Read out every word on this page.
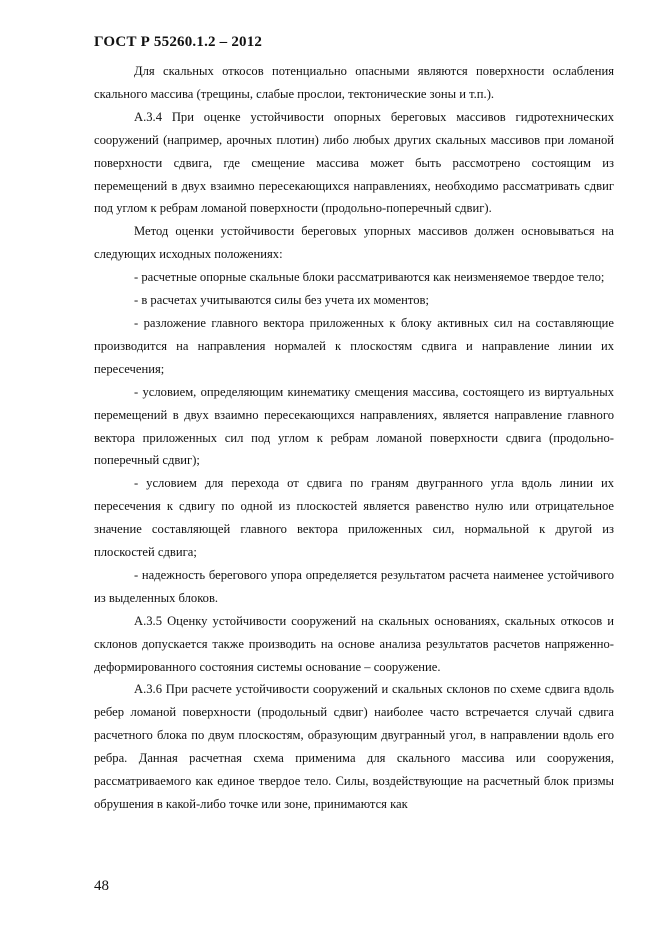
ГОСТ Р 55260.1.2 – 2012

Для скальных откосов потенциально опасными являются поверхности ослабления скального массива (трещины, слабые прослои, тектонические зоны и т.п.).

А.3.4 При оценке устойчивости опорных береговых массивов гидротехнических сооружений (например, арочных плотин) либо любых других скальных массивов при ломаной поверхности сдвига, где смещение массива может быть рассмотрено состоящим из перемещений в двух взаимно пересекающихся направлениях, необходимо рассматривать сдвиг под углом к ребрам ломаной поверхности (продольно-поперечный сдвиг).

Метод оценки устойчивости береговых упорных массивов должен основываться на следующих исходных положениях:

- расчетные опорные скальные блоки рассматриваются как неизменяемое твердое тело;

- в расчетах учитываются силы без учета их моментов;

- разложение главного вектора приложенных к блоку активных сил на составляющие производится на направления нормалей к плоскостям сдвига и направление линии их пересечения;

- условием, определяющим кинематику смещения массива, состоящего из виртуальных перемещений в двух взаимно пересекающихся направлениях, является направление главного вектора приложенных сил под углом к ребрам ломаной поверхности сдвига (продольно-поперечный сдвиг);

- условием для перехода от сдвига по граням двугранного угла вдоль линии их пересечения к сдвигу по одной из плоскостей является равенство нулю или отрицательное значение составляющей главного вектора приложенных сил, нормальной к другой из плоскостей сдвига;

- надежность берегового упора определяется результатом расчета наименее устойчивого из выделенных блоков.

А.3.5 Оценку устойчивости сооружений на скальных основаниях, скальных откосов и склонов допускается также производить на основе анализа результатов расчетов напряженно-деформированного состояния системы основание – сооружение.

А.3.6 При расчете устойчивости сооружений и скальных склонов по схеме сдвига вдоль ребер ломаной поверхности (продольный сдвиг) наиболее часто встречается случай сдвига расчетного блока по двум плоскостям, образующим двугранный угол, в направлении вдоль его ребра. Данная расчетная схема применима для скального массива или сооружения, рассматриваемого как единое твердое тело. Силы, воздействующие на расчетный блок призмы обрушения в какой-либо точке или зоне, принимаются как

48
